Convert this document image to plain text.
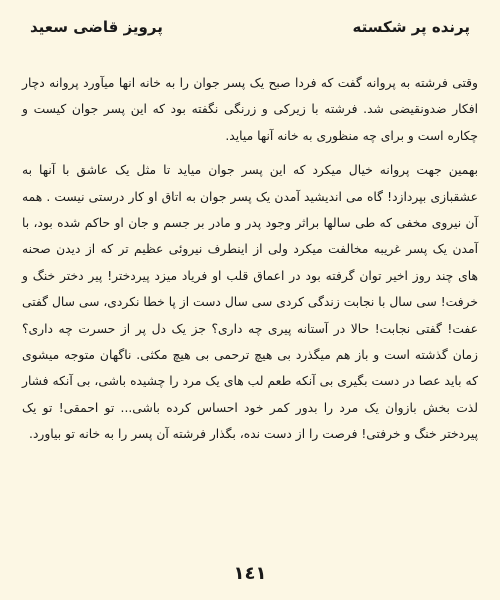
پرنده پر شکسته
پرویز قاضی سعید

وقتی فرشته به پروانه گفت که فردا صبح یک پسر جوان را به خانه انها میآورد پروانه دچار افکار ضدونقیضی شد. فرشته با زیرکی و زرنگی نگفته بود که این پسر جوان کیست و چکاره است و برای چه منظوری به خانه آنها میاید.

بهمین جهت پروانه خیال میکرد که این پسر جوان میاید تا مثل یک عاشق با آنها به عشقبازی بپردازد! گاه می اندیشید آمدن یک پسر جوان به اتاق او کار درستی نیست . همه آن نیروی مخفی که طی سالها براثر وجود پدر و مادر بر جسم و جان او حاکم شده بود، با آمدن یک پسر غریبه مخالفت میکرد ولی از اینطرف نیروئی عظیم تر که از دیدن صحنه های چند روز اخیر توان گرفته بود در اعماق قلب او فریاد میزد پیردختر! پیر دختر خنگ و خرفت! سی سال با نجابت زندگی کردی سی سال دست از پا خطا نکردی، سی سال گفتی عفت! گفتی نجابت! حالا در آستانه پیری چه داری؟ جز یک دل پر از حسرت چه داری؟ زمان گذشته است و باز هم میگذرد بی هیچ ترحمی بی هیچ مکثی. ناگهان متوجه میشوی که باید عصا در دست بگیری بی آنکه طعم لب های یک مرد را چشیده باشی، بی آنکه فشار لذت بخش بازوان یک مرد را بدور کمر خود احساس کرده باشی... تو احمقی! تو یک پیردختر خنگ و خرفتی! فرصت را از دست نده، بگذار فرشته آن پسر را به خانه تو بیاورد.

١٤١
